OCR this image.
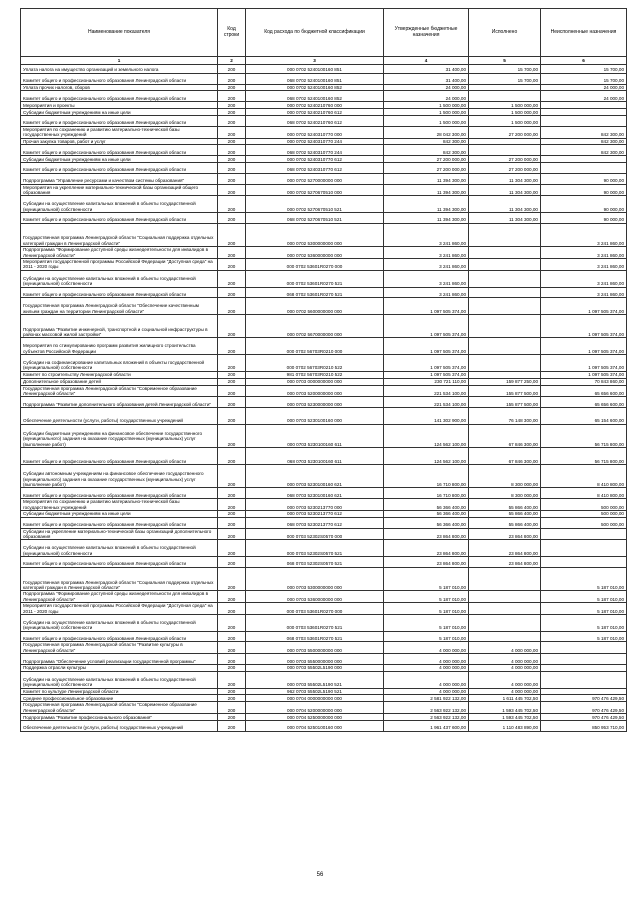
Наименование показателя	Код строки	Код расхода по бюджетной классификации	Утвержденные бюджетные назначения	Исполнено	Неисполненные назначения
1	2	3	4	5	6
Уплата налога на имущество организаций и земельного налога	200	000 0702 5240100160 851	31 400,00	15 700,00	15 700,00
Комитет общего и профессионального образования Ленинградской области	200	068 0702 5240100160 851	31 400,00	15 700,00	15 700,00
Уплата прочих налогов, сборов	200	000 0702 5240100160 852	24 000,00		24 000,00
Комитет общего и профессионального образования Ленинградской области	200	068 0702 5240100160 852	24 000,00		24 000,00
Мероприятия и проекты	200	000 0702 5240210760 000	1 500 000,00	1 500 000,00	
Субсидии бюджетным учреждениям на иные цели	200	000 0702 5240210760 612	1 500 000,00	1 500 000,00	
Комитет общего и профессионального образования Ленинградской области	200	068 0702 5240210760 612	1 500 000,00	1 500 000,00	
Мероприятия по сохранению и развитию материально-технической базы государственных учреждений	200	000 0702 5240310770 000	28 042 300,00	27 200 000,00	842 300,00
Прочая закупка товаров, работ и услуг	200	000 0702 5240310770 244	842 300,00		842 300,00
Комитет общего и профессионального образования Ленинградской области	200	068 0702 5240310770 244	842 300,00		842 300,00
Субсидии бюджетным учреждениям на иные цели	200	000 0702 5240310770 612	27 200 000,00	27 200 000,00	
Комитет общего и профессионального образования Ленинградской области	200	068 0702 5240310770 612	27 200 000,00	27 200 000,00	
Подпрограмма "Управление ресурсами и качеством системы образования"	200	000 0702 5270000000 000	11 394 300,00	11 304 300,00	90 000,00
Мероприятия на укрепление материально-технической базы организаций общего образования	200	000 0702 5270670510 000	11 394 300,00	11 304 300,00	90 000,00
Субсидии на осуществление капитальных вложений в объекты государственной (муниципальной) собственности	200	000 0702 5270670510 521	11 394 300,00	11 304 300,00	90 000,00
Комитет общего и профессионального образования Ленинградской области	200	068 0702 5270670510 521	11 394 300,00	11 304 300,00	90 000,00
Государственная программа Ленинградской области "Социальная поддержка отдельных категорий граждан в Ленинградской области"	200	000 0702 5300000000 000	3 241 860,00		3 241 860,00
Подпрограмма "Формирование доступной среды жизнедеятельности для инвалидов в Ленинградской области"	200	000 0702 5360000000 000	3 241 860,00		3 241 860,00
Мероприятия государственной программы Российской Федерации "Доступная среда" на 2011 - 2020 годы	200	000 0702 53601R0270 000	3 241 860,00		3 241 860,00
Субсидии на осуществление капитальных вложений в объекты государственной (муниципальной) собственности	200	000 0702 53601R0270 521	3 241 860,00		3 241 860,00
Комитет общего и профессионального образования Ленинградской области	200	068 0702 53601R0270 521	3 241 860,00		3 241 860,00
Государственная программа Ленинградской области "Обеспечение качественным жильем граждан на территории Ленинградской области"	200	000 0702 5600000000 000	1 097 505 374,00		1 097 505 374,00
Подпрограмма "Развитие инженерной, транспортной и социальной инфраструктуры в районах массовой жилой застройки"	200	000 0702 5670000000 000	1 097 505 374,00		1 097 505 374,00
Мероприятия по стимулированию программ развития жилищного строительства субъектов Российской Федерации	200	000 0702 56703R0210 000	1 097 505 374,00		1 097 505 374,00
Субсидии на софинансирование капитальных вложений в объекты государственной (муниципальной) собственности	200	000 0702 56703R0210 522	1 097 505 374,00		1 097 505 374,00
Комитет по строительству Ленинградской области	200	981 0702 56703R0210 522	1 097 505 374,00		1 097 505 374,00
Дополнительное образование детей	200	000 0703 0000000000 000	230 721 110,00	159 877 250,00	70 843 860,00
Государственная программа Ленинградской области "Современное образование Ленинградской области"	200	000 0703 5200000000 000	221 534 100,00	155 877 500,00	65 656 600,00
Подпрограмма "Развитие дополнительного образования детей Ленинградской области"	200	000 0703 5230000000 000	221 534 100,00	155 877 500,00	65 656 600,00
Обеспечение деятельности (услуги, работы) государственных учреждений	200	000 0703 5230100160 000	141 302 900,00	76 148 300,00	65 154 600,00
Субсидии бюджетным учреждениям на финансовое обеспечение государственного (муниципального) задания на оказание государственных (муниципальных) услуг (выполнение работ)	200	000 0703 5230100160 611	124 562 100,00	67 846 300,00	56 715 800,00
Комитет общего и профессионального образования Ленинградской области	200	068 0703 5230100160 611	124 562 100,00	67 846 300,00	56 715 800,00
Субсидии автономным учреждениям на финансовое обеспечение государственного (муниципального) задания на оказание государственных (муниципальных) услуг (выполнение работ)	200	000 0703 5230100160 621	16 710 800,00	8 300 000,00	8 410 800,00
Комитет общего и профессионального образования Ленинградской области	200	068 0703 5230100160 621	16 710 800,00	8 300 000,00	8 410 800,00
Мероприятия по сохранению и развитию материально-технической базы государственных учреждений	200	000 0703 5230213770 000	56 366 400,00	55 866 400,00	500 000,00
Субсидии бюджетным учреждениям на иные цели	200	000 0703 5230213770 612	56 366 400,00	55 866 400,00	500 000,00
Комитет общего и профессионального образования Ленинградской области	200	068 0703 5230213770 612	56 366 400,00	55 866 400,00	500 000,00
Субсидии на укрепление материально-технической базы организаций дополнительного образования	200	000 0703 52302S0570 000	23 864 800,00	23 864 800,00	
Субсидии на осуществление капитальных вложений в объекты государственной (муниципальной) собственности	200	000 0703 52302S0570 521	23 864 800,00	23 864 800,00	
Комитет общего и профессионального образования Ленинградской области	200	068 0703 52302S0570 521	23 864 800,00	23 864 800,00	
Государственная программа Ленинградской области "Социальная поддержка отдельных категорий граждан в Ленинградской области"	200	000 0703 5300000000 000	5 187 010,00		5 187 010,00
Подпрограмма "Формирование доступной среды жизнедеятельности для инвалидов в Ленинградской области"	200	000 0703 5360000000 000	5 187 010,00		5 187 010,00
Мероприятия государственной программы Российской Федерации "Доступная среда" на 2011 - 2020 годы	200	000 0703 53601R0270 000	5 187 010,00		5 187 010,00
Субсидии на осуществление капитальных вложений в объекты государственной (муниципальной) собственности	200	000 0703 53601R0270 521	5 187 010,00		5 187 010,00
Комитет общего и профессионального образования Ленинградской области	200	068 0703 53601R0270 521	5 187 010,00		5 187 010,00
Государственная программа Ленинградской области "Развитие культуры в Ленинградской области"	200	000 0703 5500000000 000	4 000 000,00	4 000 000,00	
Подпрограмма "Обеспечение условий реализации государственной программы"	200	000 0703 5550000000 000	4 000 000,00	4 000 000,00	
Поддержка отрасли культуры	200	000 0703 55502L5190 000	4 000 000,00	4 000 000,00	
Субсидии на осуществление капитальных вложений в объекты государственной (муниципальной) собственности	200	000 0703 55502L5190 521	4 000 000,00	4 000 000,00	
Комитет по культуре Ленинградской области	200	962 0703 55502L5190 521	4 000 000,00	4 000 000,00	
Среднее профессиональное образование	200	000 0704 0000000000 000	2 581 922 132,00	1 611 445 702,50	970 476 429,50
Государственная программа Ленинградской области "Современное образование Ленинградской области"	200	000 0704 5200000000 000	2 563 922 132,00	1 593 445 702,50	970 476 429,50
Подпрограмма "Развитие профессионального образования"	200	000 0704 5250000000 000	2 563 922 132,00	1 593 445 702,50	970 476 429,50
Обеспечение деятельности (услуги, работы) государственных учреждений	200	000 0704 5250100160 000	1 961 437 600,00	1 110 483 890,00	850 953 710,00
56
